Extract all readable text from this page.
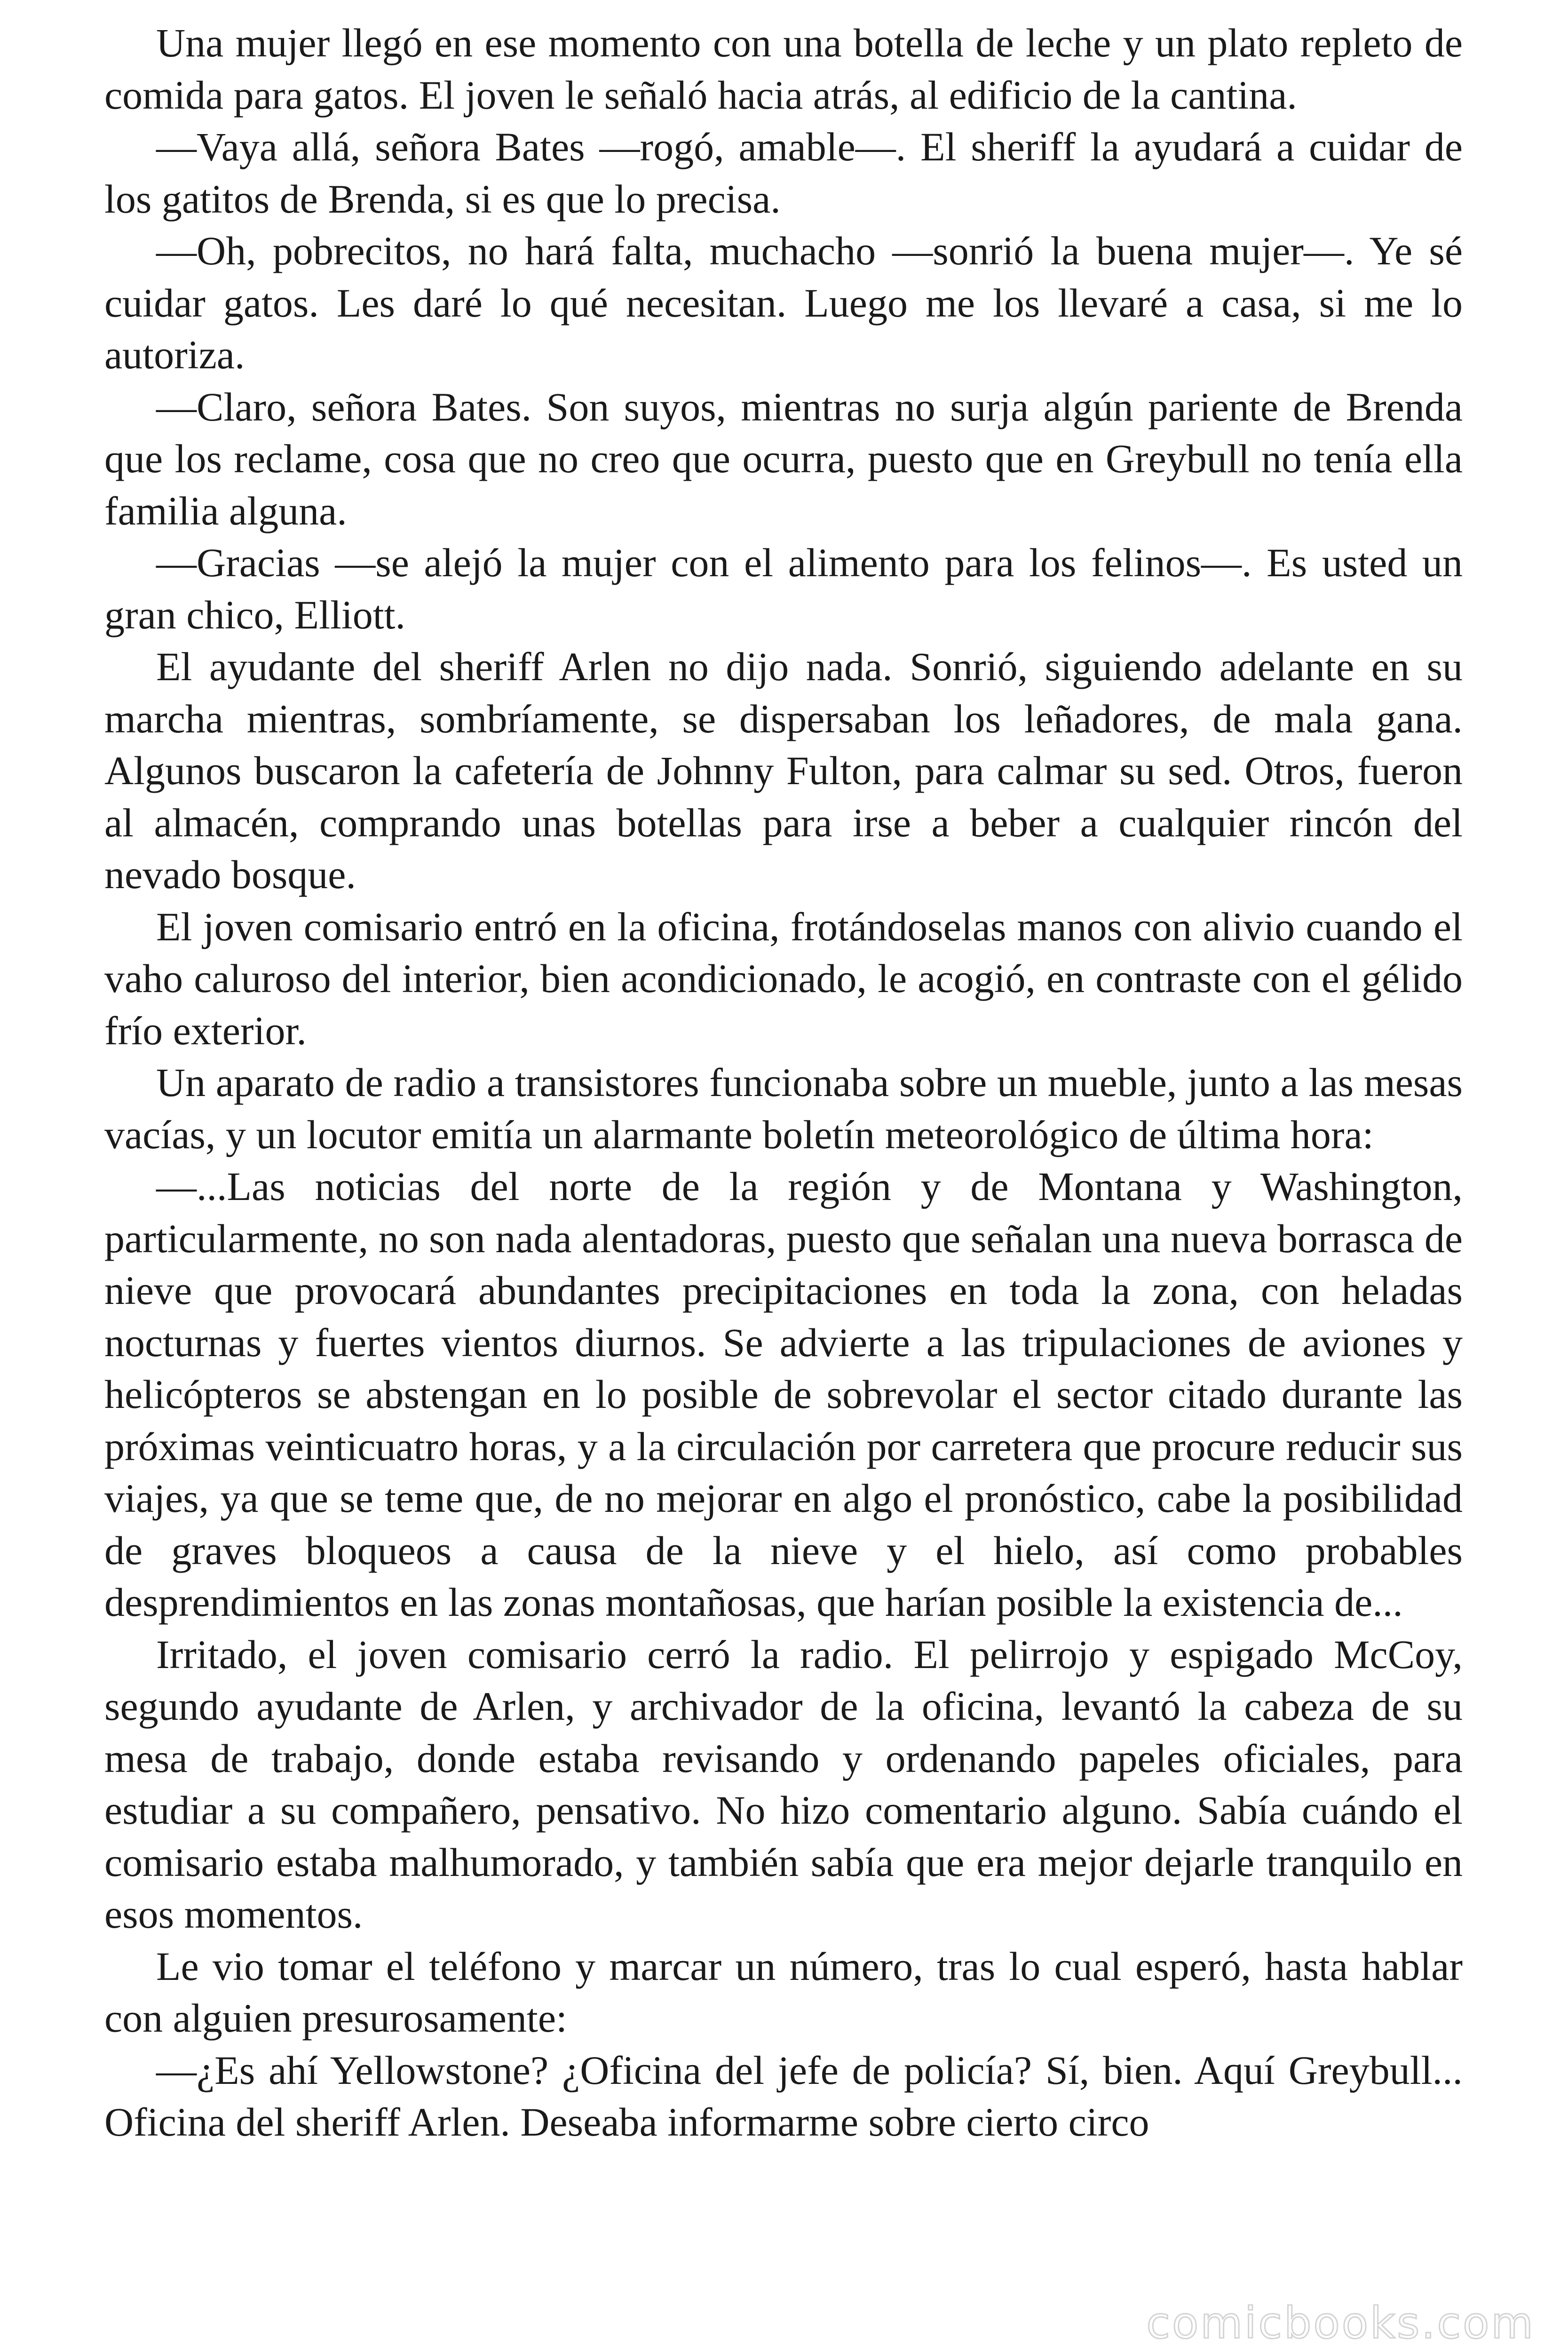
Una mujer llegó en ese momento con una botella de leche y un plato repleto de comida para gatos. El joven le señaló hacia atrás, al edificio de la cantina.

—Vaya allá, señora Bates —rogó, amable—. El sheriff la ayudará a cuidar de los gatitos de Brenda, si es que lo precisa.

—Oh, pobrecitos, no hará falta, muchacho —sonrió la buena mujer—. Ye sé cuidar gatos. Les daré lo qué necesitan. Luego me los llevaré a casa, si me lo autoriza.

—Claro, señora Bates. Son suyos, mientras no surja algún pariente de Brenda que los reclame, cosa que no creo que ocurra, puesto que en Greybull no tenía ella familia alguna.

—Gracias —se alejó la mujer con el alimento para los felinos—. Es usted un gran chico, Elliott.

El ayudante del sheriff Arlen no dijo nada. Sonrió, siguiendo adelante en su marcha mientras, sombríamente, se dispersaban los leñadores, de mala gana. Algunos buscaron la cafetería de Johnny Fulton, para calmar su sed. Otros, fueron al almacén, comprando unas botellas para irse a beber a cualquier rincón del nevado bosque.

El joven comisario entró en la oficina, frotándoselas manos con alivio cuando el vaho caluroso del interior, bien acondicionado, le acogió, en contraste con el gélido frío exterior.

Un aparato de radio a transistores funcionaba sobre un mueble, junto a las mesas vacías, y un locutor emitía un alarmante boletín meteorológico de última hora:

—...Las noticias del norte de la región y de Montana y Washington, particularmente, no son nada alentadoras, puesto que señalan una nueva borrasca de nieve que provocará abundantes precipitaciones en toda la zona, con heladas nocturnas y fuertes vientos diurnos. Se advierte a las tripulaciones de aviones y helicópteros se abstengan en lo posible de sobrevolar el sector citado durante las próximas veinticuatro horas, y a la circulación por carretera que procure reducir sus viajes, ya que se teme que, de no mejorar en algo el pronóstico, cabe la posibilidad de graves bloqueos a causa de la nieve y el hielo, así como probables desprendimientos en las zonas montañosas, que harían posible la existencia de...

Irritado, el joven comisario cerró la radio. El pelirrojo y espigado McCoy, segundo ayudante de Arlen, y archivador de la oficina, levantó la cabeza de su mesa de trabajo, donde estaba revisando y ordenando papeles oficiales, para estudiar a su compañero, pensativo. No hizo comentario alguno. Sabía cuándo el comisario estaba malhumorado, y también sabía que era mejor dejarle tranquilo en esos momentos.

Le vio tomar el teléfono y marcar un número, tras lo cual esperó, hasta hablar con alguien presurosamente:

—¿Es ahí Yellowstone? ¿Oficina del jefe de policía? Sí, bien. Aquí Greybull... Oficina del sheriff Arlen. Deseaba informarme sobre cierto circo

comicbooks.com
